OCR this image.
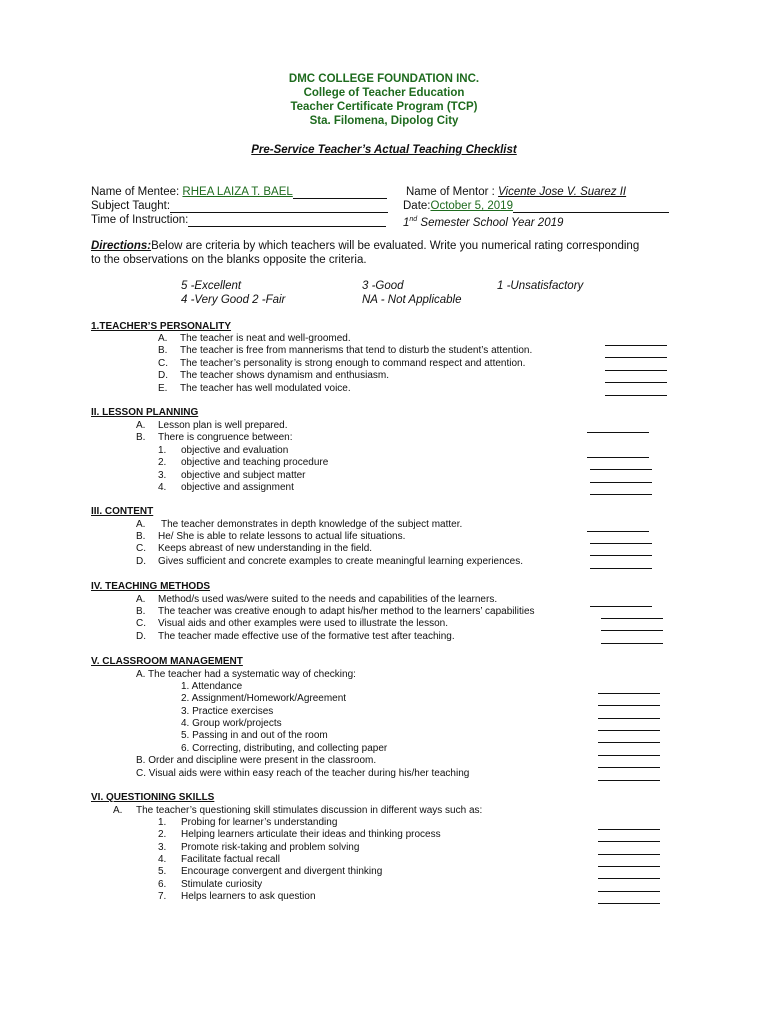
DMC COLLEGE FOUNDATION INC.
College of Teacher Education
Teacher Certificate Program (TCP)
Sta. Filomena, Dipolog City
Pre-Service Teacher’s Actual Teaching Checklist
Name of Mentee: RHEA LAIZA T. BAEL	Name of Mentor : Vicente Jose V. Suarez II
Subject Taught:	Date:October 5, 2019
Time of Instruction:	1nd Semester School Year 2019
Directions:Below are criteria by which teachers will be evaluated. Write you numerical rating corresponding to the observations on the blanks opposite the criteria.
5 -Excellent	3 -Good	1 -Unsatisfactory
4 -Very Good 2 -Fair	NA - Not Applicable
1.TEACHER’S PERSONALITY
A. The teacher is neat and well-groomed.
B. The teacher is free from mannerisms that tend to disturb the student’s attention.
C. The teacher’s personality is strong enough to command respect and attention.
D. The teacher shows dynamism and enthusiasm.
E. The teacher has well modulated voice.
II. LESSON PLANNING
A. Lesson plan is well prepared.
B. There is congruence between:
1. objective and evaluation
2. objective and teaching procedure
3. objective and subject matter
4. objective and assignment
III. CONTENT
A. The teacher demonstrates in depth knowledge of the subject matter.
B. He/ She is able to relate lessons to actual life situations.
C. Keeps abreast of new understanding in the field.
D. Gives sufficient and concrete examples to create meaningful learning experiences.
IV. TEACHING METHODS
A. Method/s used was/were suited to the needs and capabilities of the learners.
B. The teacher was creative enough to adapt his/her method to the learners’ capabilities
C. Visual aids and other examples were used to illustrate the lesson.
D. The teacher made effective use of the formative test after teaching.
V. CLASSROOM MANAGEMENT
A. The teacher had a systematic way of checking:
1. Attendance
2. Assignment/Homework/Agreement
3. Practice exercises
4. Group work/projects
5. Passing in and out of the room
6. Correcting, distributing, and collecting paper
B. Order and discipline were present in the classroom.
C. Visual aids were within easy reach of the teacher during his/her teaching
VI. QUESTIONING SKILLS
A. The teacher’s questioning skill stimulates discussion in different ways such as:
1. Probing for learner’s understanding
2. Helping learners articulate their ideas and thinking process
3. Promote risk-taking and problem solving
4. Facilitate factual recall
5. Encourage convergent and divergent thinking
6. Stimulate curiosity
7. Helps learners to ask question
